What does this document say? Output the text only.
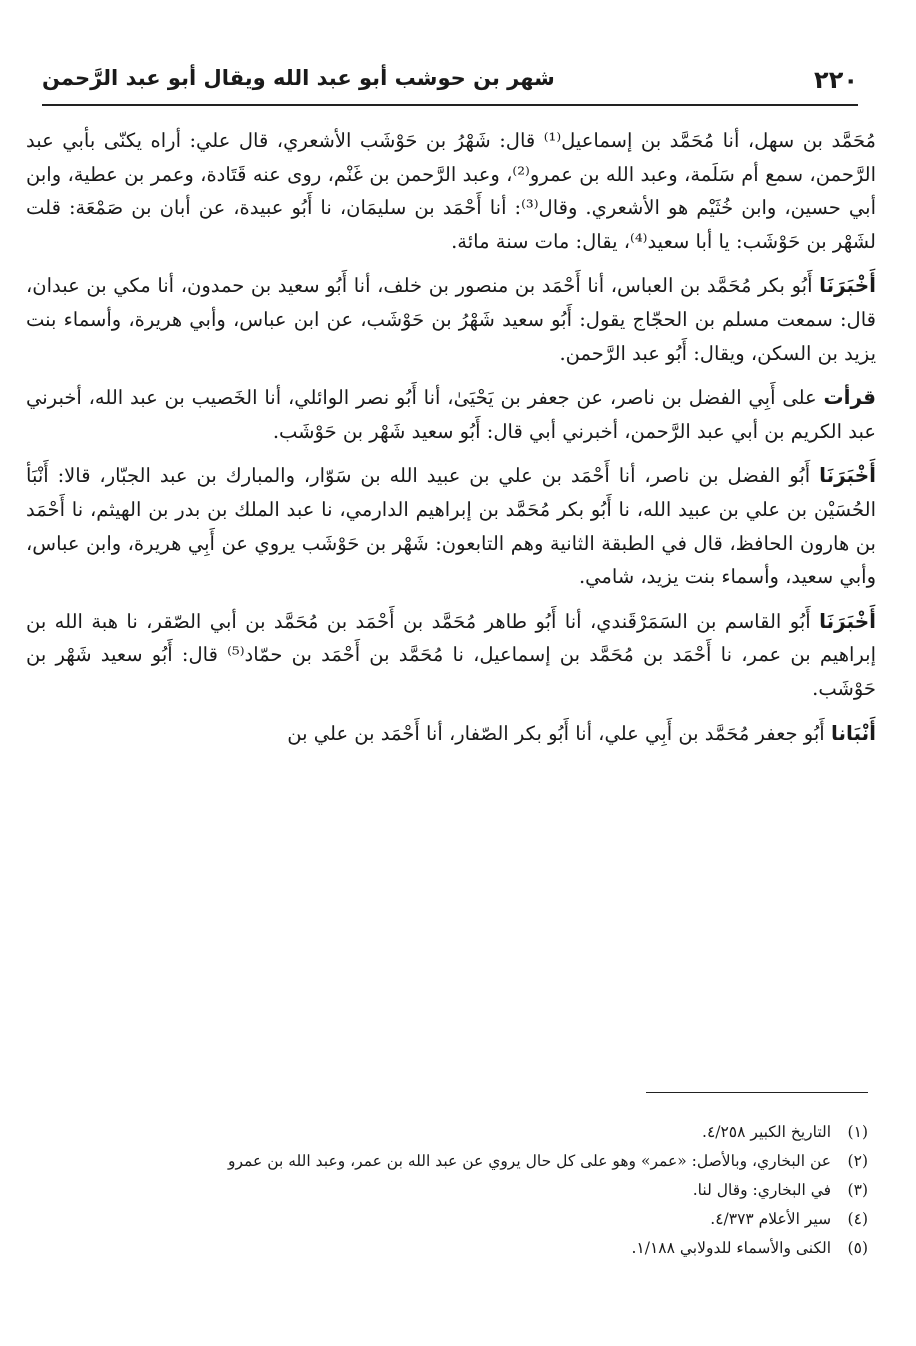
٢٢٠
شهر بن حوشب أبو عبد الله ويقال أبو عبد الرَّحمن

مُحَمَّد بن سهل، أنا مُحَمَّد بن إسماعيل⁽¹⁾ قال: شَهْرُ بن حَوْشَب الأشعري، قال علي: أراه يكنّى بأبي عبد الرَّحمن، سمع أم سَلَمة، وعبد الله بن عمرو⁽²⁾، وعبد الرَّحمن بن غَنْم، روى عنه قَتَادة، وعمر بن عطية، وابن أبي حسين، وابن خُثَيْم هو الأشعري. وقال⁽³⁾: أنا أَحْمَد بن سليمَان، نا أَبُو عبيدة، عن أبان بن صَمْعَة: قلت لشَهْر بن حَوْشَب: يا أبا سعيد⁽⁴⁾، يقال: مات سنة مائة.

أَخْبَرَنَا أَبُو بكر مُحَمَّد بن العباس، أنا أَحْمَد بن منصور بن خلف، أنا أَبُو سعيد بن حمدون، أنا مكي بن عبدان، قال: سمعت مسلم بن الحجّاج يقول: أَبُو سعيد شَهْرُ بن حَوْشَب، عن ابن عباس، وأبي هريرة، وأسماء بنت يزيد بن السكن، ويقال: أَبُو عبد الرَّحمن.

قرأت على أَبِي الفضل بن ناصر، عن جعفر بن يَحْيَىٰ، أنا أَبُو نصر الوائلي، أنا الخَصيب بن عبد الله، أخبرني عبد الكريم بن أبي عبد الرَّحمن، أخبرني أبي قال: أَبُو سعيد شَهْر بن حَوْشَب.

أَخْبَرَنَا أَبُو الفضل بن ناصر، أنا أَحْمَد بن علي بن عبيد الله بن سَوّار، والمبارك بن عبد الجبّار، قالا: أَنْبَأ الحُسَيْن بن علي بن عبيد الله، نا أَبُو بكر مُحَمَّد بن إبراهيم الدارمي، نا عبد الملك بن بدر بن الهيثم، نا أَحْمَد بن هارون الحافظ، قال في الطبقة الثانية وهم التابعون: شَهْر بن حَوْشَب يروي عن أَبِي هريرة، وابن عباس، وأبي سعيد، وأسماء بنت يزيد، شامي.

أَخْبَرَنَا أَبُو القاسم بن السَمَرْقَندي، أنا أَبُو طاهر مُحَمَّد بن أَحْمَد بن مُحَمَّد بن أبي الصّقر، نا هبة الله بن إبراهيم بن عمر، نا أَحْمَد بن مُحَمَّد بن إسماعيل، نا مُحَمَّد بن أَحْمَد بن حمّاد⁽⁵⁾ قال: أَبُو سعيد شَهْر بن حَوْشَب.

أَنْبَانا أَبُو جعفر مُحَمَّد بن أَبِي علي، أنا أَبُو بكر الصّفار، أنا أَحْمَد بن علي بن

(١) التاريخ الكبير ٤/٢٥٨.
(٢) عن البخاري، وبالأصل: «عمر» وهو على كل حال يروي عن عبد الله بن عمر، وعبد الله بن عمرو
(٣) في البخاري: وقال لنا.
(٤) سير الأعلام ٤/٣٧٣.
(٥) الكنى والأسماء للدولابي ١/١٨٨.
